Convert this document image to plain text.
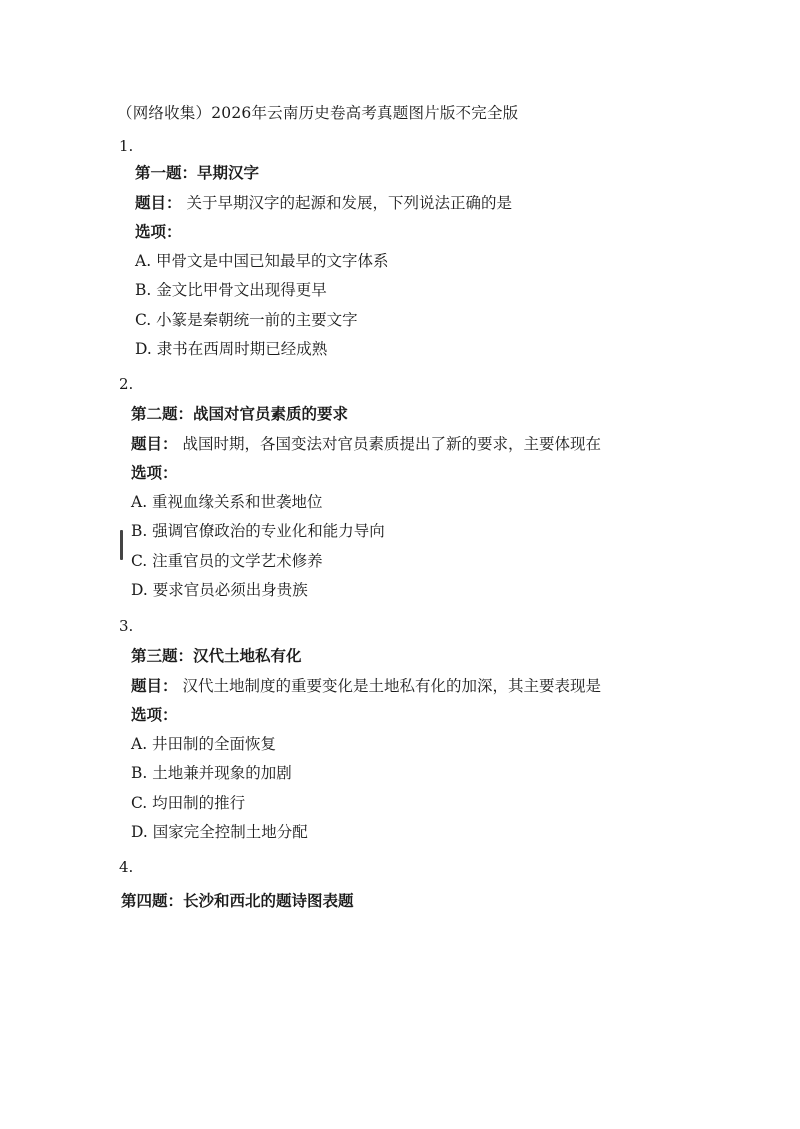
（网络收集）2026年云南历史卷高考真题图片版不完全版
1.
第一题：早期汉字
题目： 关于早期汉字的起源和发展，下列说法正确的是
选项：
A. 甲骨文是中国已知最早的文字体系
B. 金文比甲骨文出现得更早
C. 小篆是秦朝统一前的主要文字
D. 隶书在西周时期已经成熟
2.
第二题：战国对官员素质的要求
题目： 战国时期，各国变法对官员素质提出了新的要求，主要体现在
选项：
A. 重视血缘关系和世袭地位
B. 强调官僚政治的专业化和能力导向
C. 注重官员的文学艺术修养
D. 要求官员必须出身贵族
3.
第三题：汉代土地私有化
题目： 汉代土地制度的重要变化是土地私有化的加深，其主要表现是
选项：
A. 井田制的全面恢复
B. 土地兼并现象的加剧
C. 均田制的推行
D. 国家完全控制土地分配
4.
第四题：长沙和西北的题诗图表题
